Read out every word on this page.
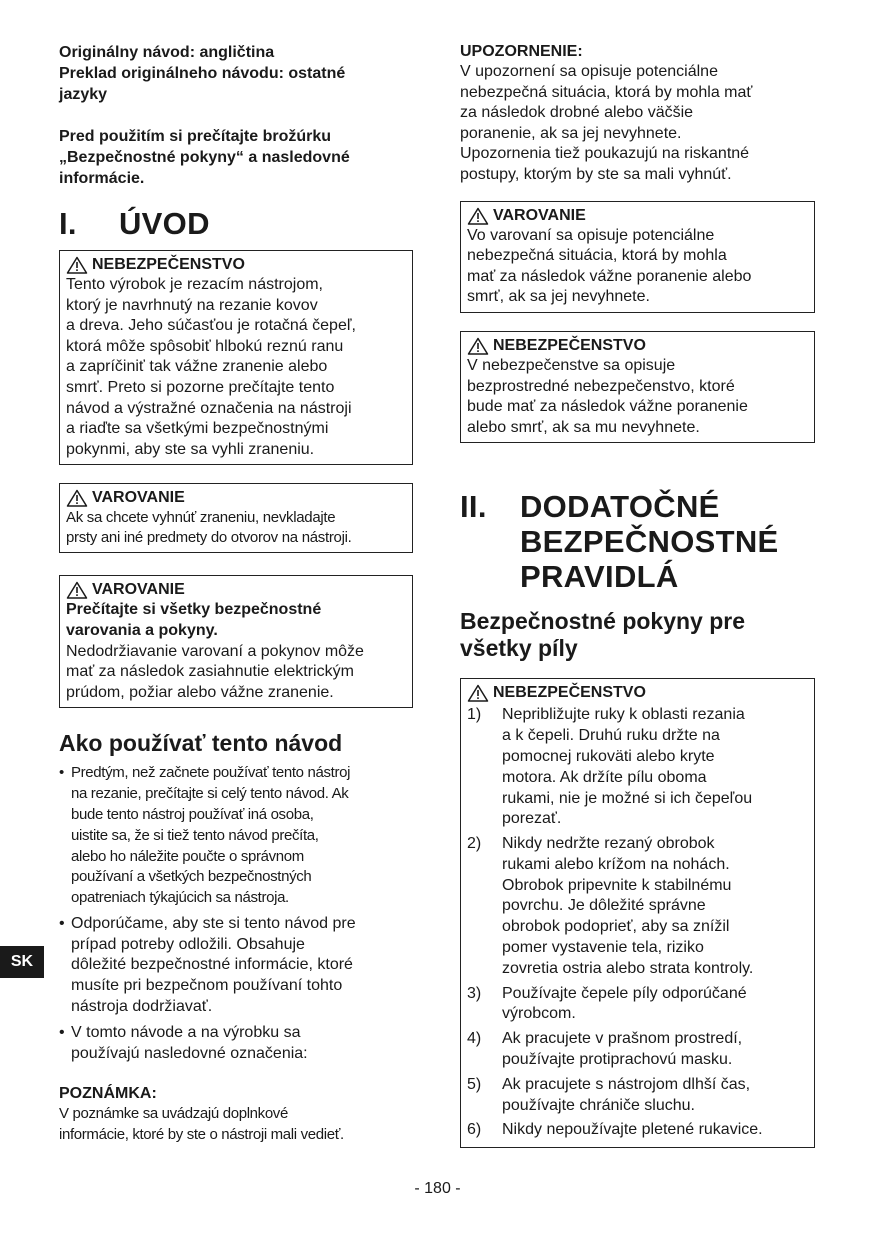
Originálny návod: angličtina
Preklad originálneho návodu: ostatné
jazyky

Pred použitím si prečítajte brožúrku
„Bezpečnostné pokyny“ a nasledovné
informácie.

I.	ÚVOD
NEBEZPEČENSTVO

Tento výrobok je rezacím nástrojom,
ktorý je navrhnutý na rezanie kovov
a dreva. Jeho súčasťou je rotačná čepeľ,
ktorá môže spôsobiť hlbokú reznú ranu
a zapríčiniť tak vážne zranenie alebo
smrť. Preto si pozorne prečítajte tento
návod a výstražné označenia na nástroji
a riaďte sa všetkými bezpečnostnými
pokynmi, aby ste sa vyhli zraneniu.

VAROVANIE

Ak sa chcete vyhnúť zraneniu, nevkladajte
prsty ani iné predmety do otvorov na nástroji.

VAROVANIE

Prečítajte si všetky bezpečnostné
varovania a pokyny.

Nedodržiavanie varovaní a pokynov môže
mať za následok zasiahnutie elektrickým
prúdom, požiar alebo vážne zranenie.

Ako používať tento návod
• Predtým, než začnete používať tento nástroj
na rezanie, prečítajte si celý tento návod. Ak
bude tento nástroj používať iná osoba,
uistite sa, že si tiež tento návod prečíta,
alebo ho náležite poučte o správnom
používaní a všetkých bezpečnostných
opatreniach týkajúcich sa nástroja.
• Odporúčame, aby ste si tento návod pre
prípad potreby odložili. Obsahuje
dôležité bezpečnostné informácie, ktoré
musíte pri bezpečnom používaní tohto
nástroja dodržiavať.
• V tomto návode a na výrobku sa
používajú nasledovné označenia:

POZNÁMKA:

V poznámke sa uvádzajú doplnkové
informácie, ktoré by ste o nástroji mali vedieť.

UPOZORNENIE:

V upozornení sa opisuje potenciálne
nebezpečná situácia, ktorá by mohla mať
za následok drobné alebo väčšie
poranenie, ak sa jej nevyhnete.
Upozornenia tiež poukazujú na riskantné
postupy, ktorým by ste sa mali vyhnúť.

VAROVANIE

Vo varovaní sa opisuje potenciálne
nebezpečná situácia, ktorá by mohla
mať za následok vážne poranenie alebo
smrť, ak sa jej nevyhnete.

NEBEZPEČENSTVO

V nebezpečenstve sa opisuje
bezprostredné nebezpečenstvo, ktoré
bude mať za následok vážne poranenie
alebo smrť, ak sa mu nevyhnete.

II.	DODATOČNÉ
BEZPEČNOSTNÉ
PRAVIDLÁ
Bezpečnostné pokyny pre
všetky píly
NEBEZPEČENSTVO
1)	Nepribližujte ruky k oblasti rezania
a k čepeli. Druhú ruku držte na
pomocnej rukoväti alebo kryte
motora. Ak držíte pílu oboma
rukami, nie je možné si ich čepeľou
porezať.
2)	Nikdy nedržte rezaný obrobok
rukami alebo krížom na nohách.
Obrobok pripevnite k stabilnému
povrchu. Je dôležité správne
obrobok podoprieť, aby sa znížil
pomer vystavenie tela, riziko
zovretia ostria alebo strata kontroly.
3)	Používajte čepele píly odporúčané
výrobcom.
4)	Ak pracujete v prašnom prostredí,
používajte protiprachovú masku.
5)	Ak pracujete s nástrojom dlhší čas,
používajte chrániče sluchu.
6)	Nikdy nepoužívajte pletené rukavice.
SK
- 180 -
